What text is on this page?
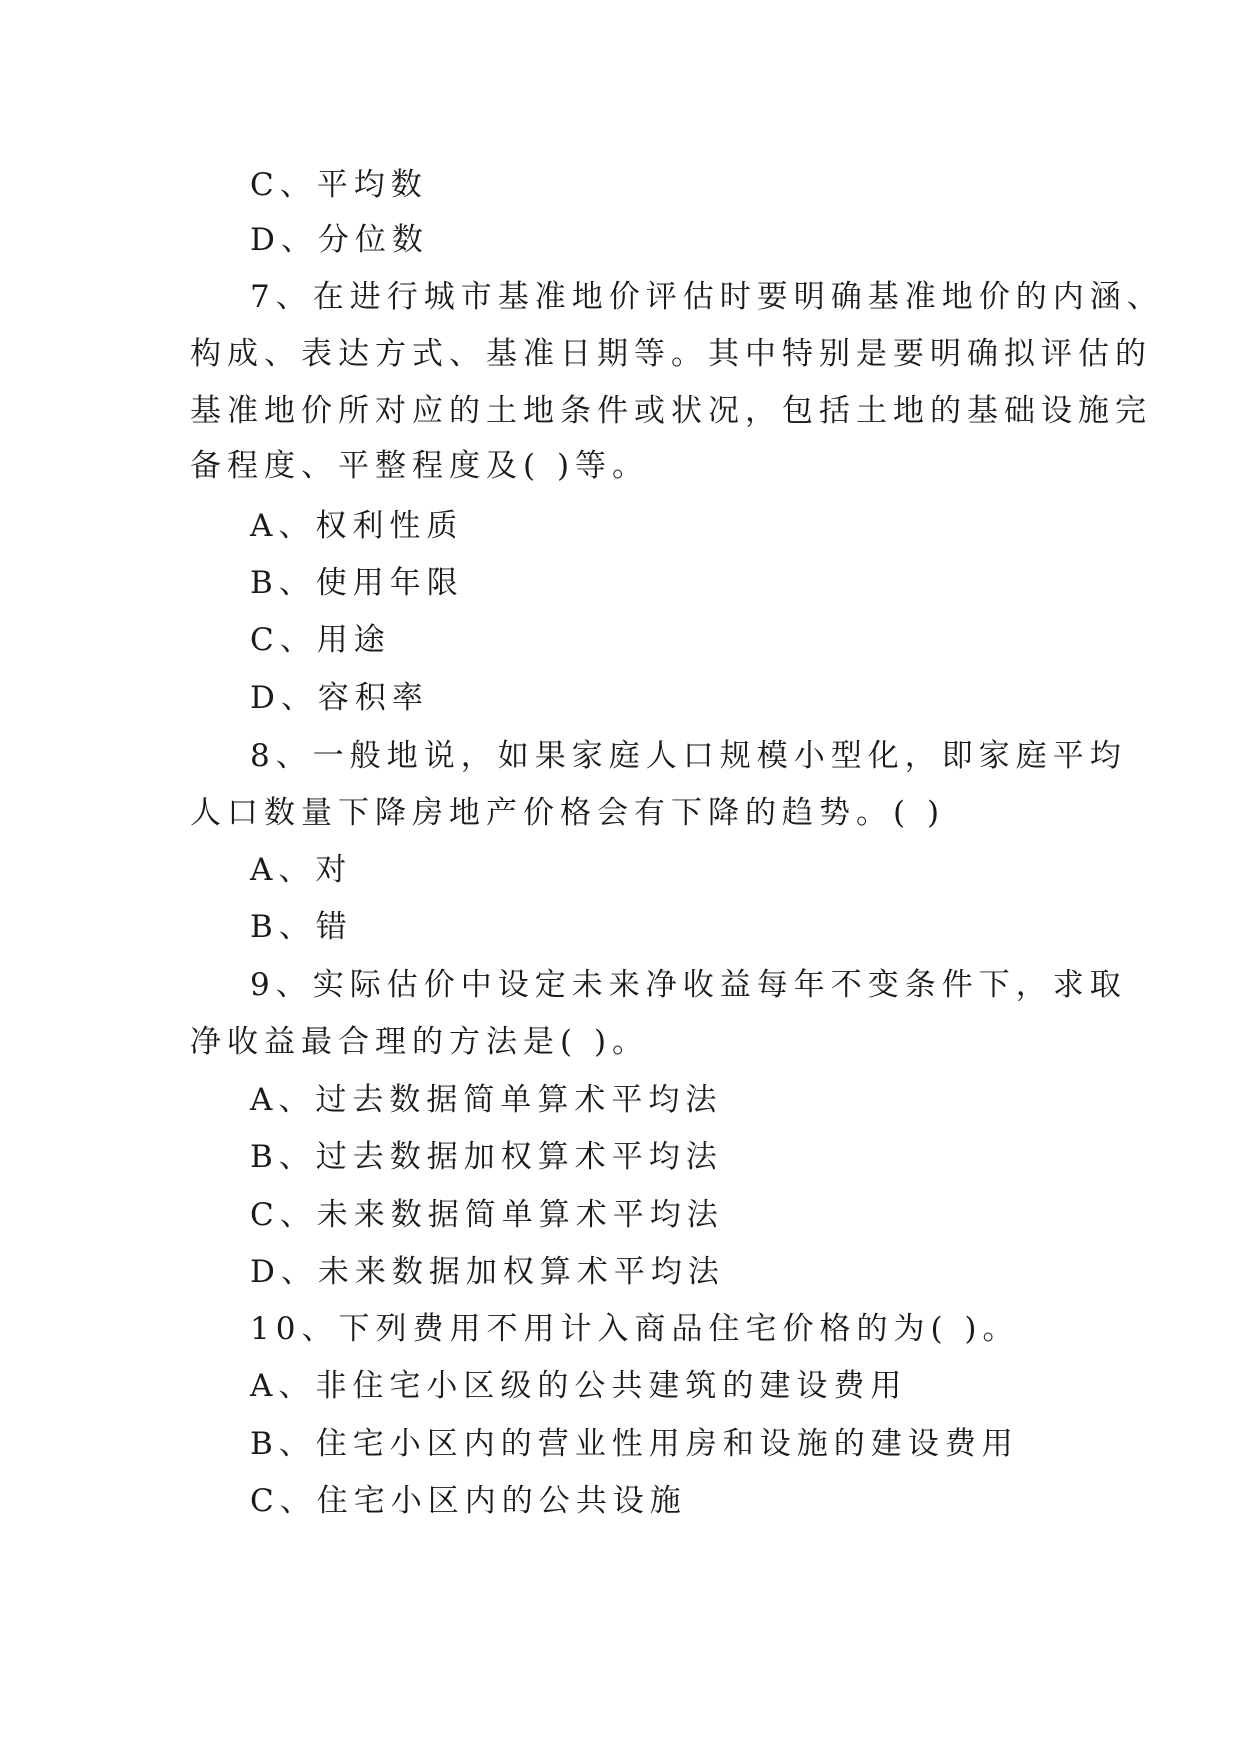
C、平均数
D、分位数
7、在进行城市基准地价评估时要明确基准地价的内涵、
构成、表达方式、基准日期等。其中特别是要明确拟评估的
基准地价所对应的土地条件或状况，包括土地的基础设施完
备程度、平整程度及( )等。
A、权利性质
B、使用年限
C、用途
D、容积率
8、一般地说，如果家庭人口规模小型化，即家庭平均
人口数量下降房地产价格会有下降的趋势。( )
A、对
B、错
9、实际估价中设定未来净收益每年不变条件下，求取
净收益最合理的方法是( )。
A、过去数据简单算术平均法
B、过去数据加权算术平均法
C、未来数据简单算术平均法
D、未来数据加权算术平均法
10、下列费用不用计入商品住宅价格的为( )。
A、非住宅小区级的公共建筑的建设费用
B、住宅小区内的营业性用房和设施的建设费用
C、住宅小区内的公共设施
